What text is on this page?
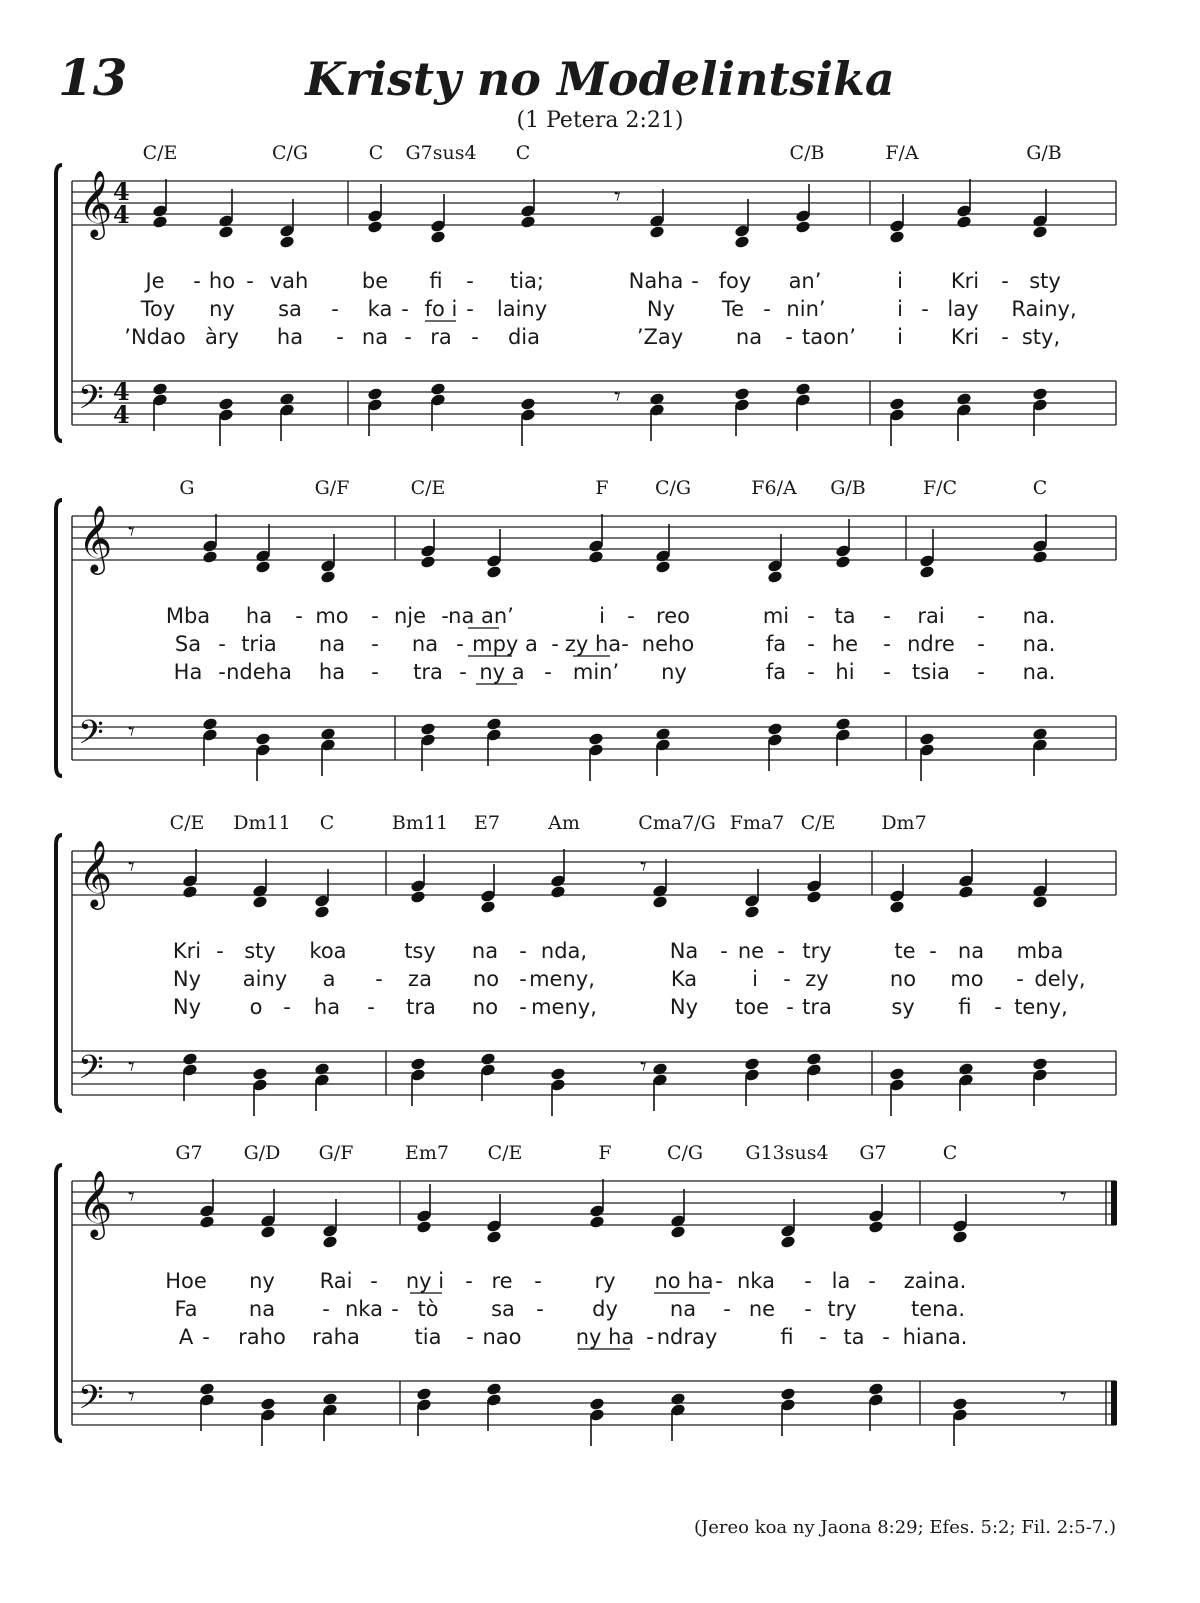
13	Kristy no Modelintsika
(1 Petera 2:21)
(Jereo koa ny Jaona 8:29; Efes. 5:2; Fil. 2:5-7.)
𝄞
𝄢
4
4
4
4
𝄾
𝄾
C/E	C/G	C G7sus4 C	C/B	F/A	G/B
Je - ho - vah	be fi - tia;	Naha - foy an’	i Kri - sty
Toy ny sa - ka - fo i - lainy	Ny Te - nin’	i - lay Rainy,
’Ndao àry ha - na - ra - dia	’Zay	na - taon’ i Kri - sty,
𝄞
𝄢
𝄾
𝄾
G	G/F	C/E	F C/G	F6/A G/B	F/C	C
Mba ha - mo - nje - na an’	i - reo	mi - ta - rai - na.
Sa - tria na - na - mpy a - zy ha - neho	fa - he - ndre - na.
Ha - ndeha ha - tra - ny a - min’ ny	fa - hi - tsia - na.
𝄞
𝄢
𝄾
𝄾
𝄾
𝄾
C/E Dm11 C	Bm11 E7	Am	Cma7/G Fma7 C/E Dm7
Kri - sty koa	tsy na - nda,	Na - ne - try	te - na mba
Ny ainy a - za no - meny,	Ka	i - zy	no mo - dely,
Ny o - ha - tra no - meny,	Ny toe - tra	sy fi - teny,
𝄞
𝄢
𝄾
𝄾
𝄾
𝄾
G7 G/D G/F	Em7 C/E	F	C/G G13sus4 G7	C
Hoe ny Rai - ny i - re -	ry no ha - nka - la - zaina.
Fa na - nka - tò	sa - dy na - ne - try	tena.
A - raho raha	tia - nao	ny ha - ndray	fi - ta - hiana.
